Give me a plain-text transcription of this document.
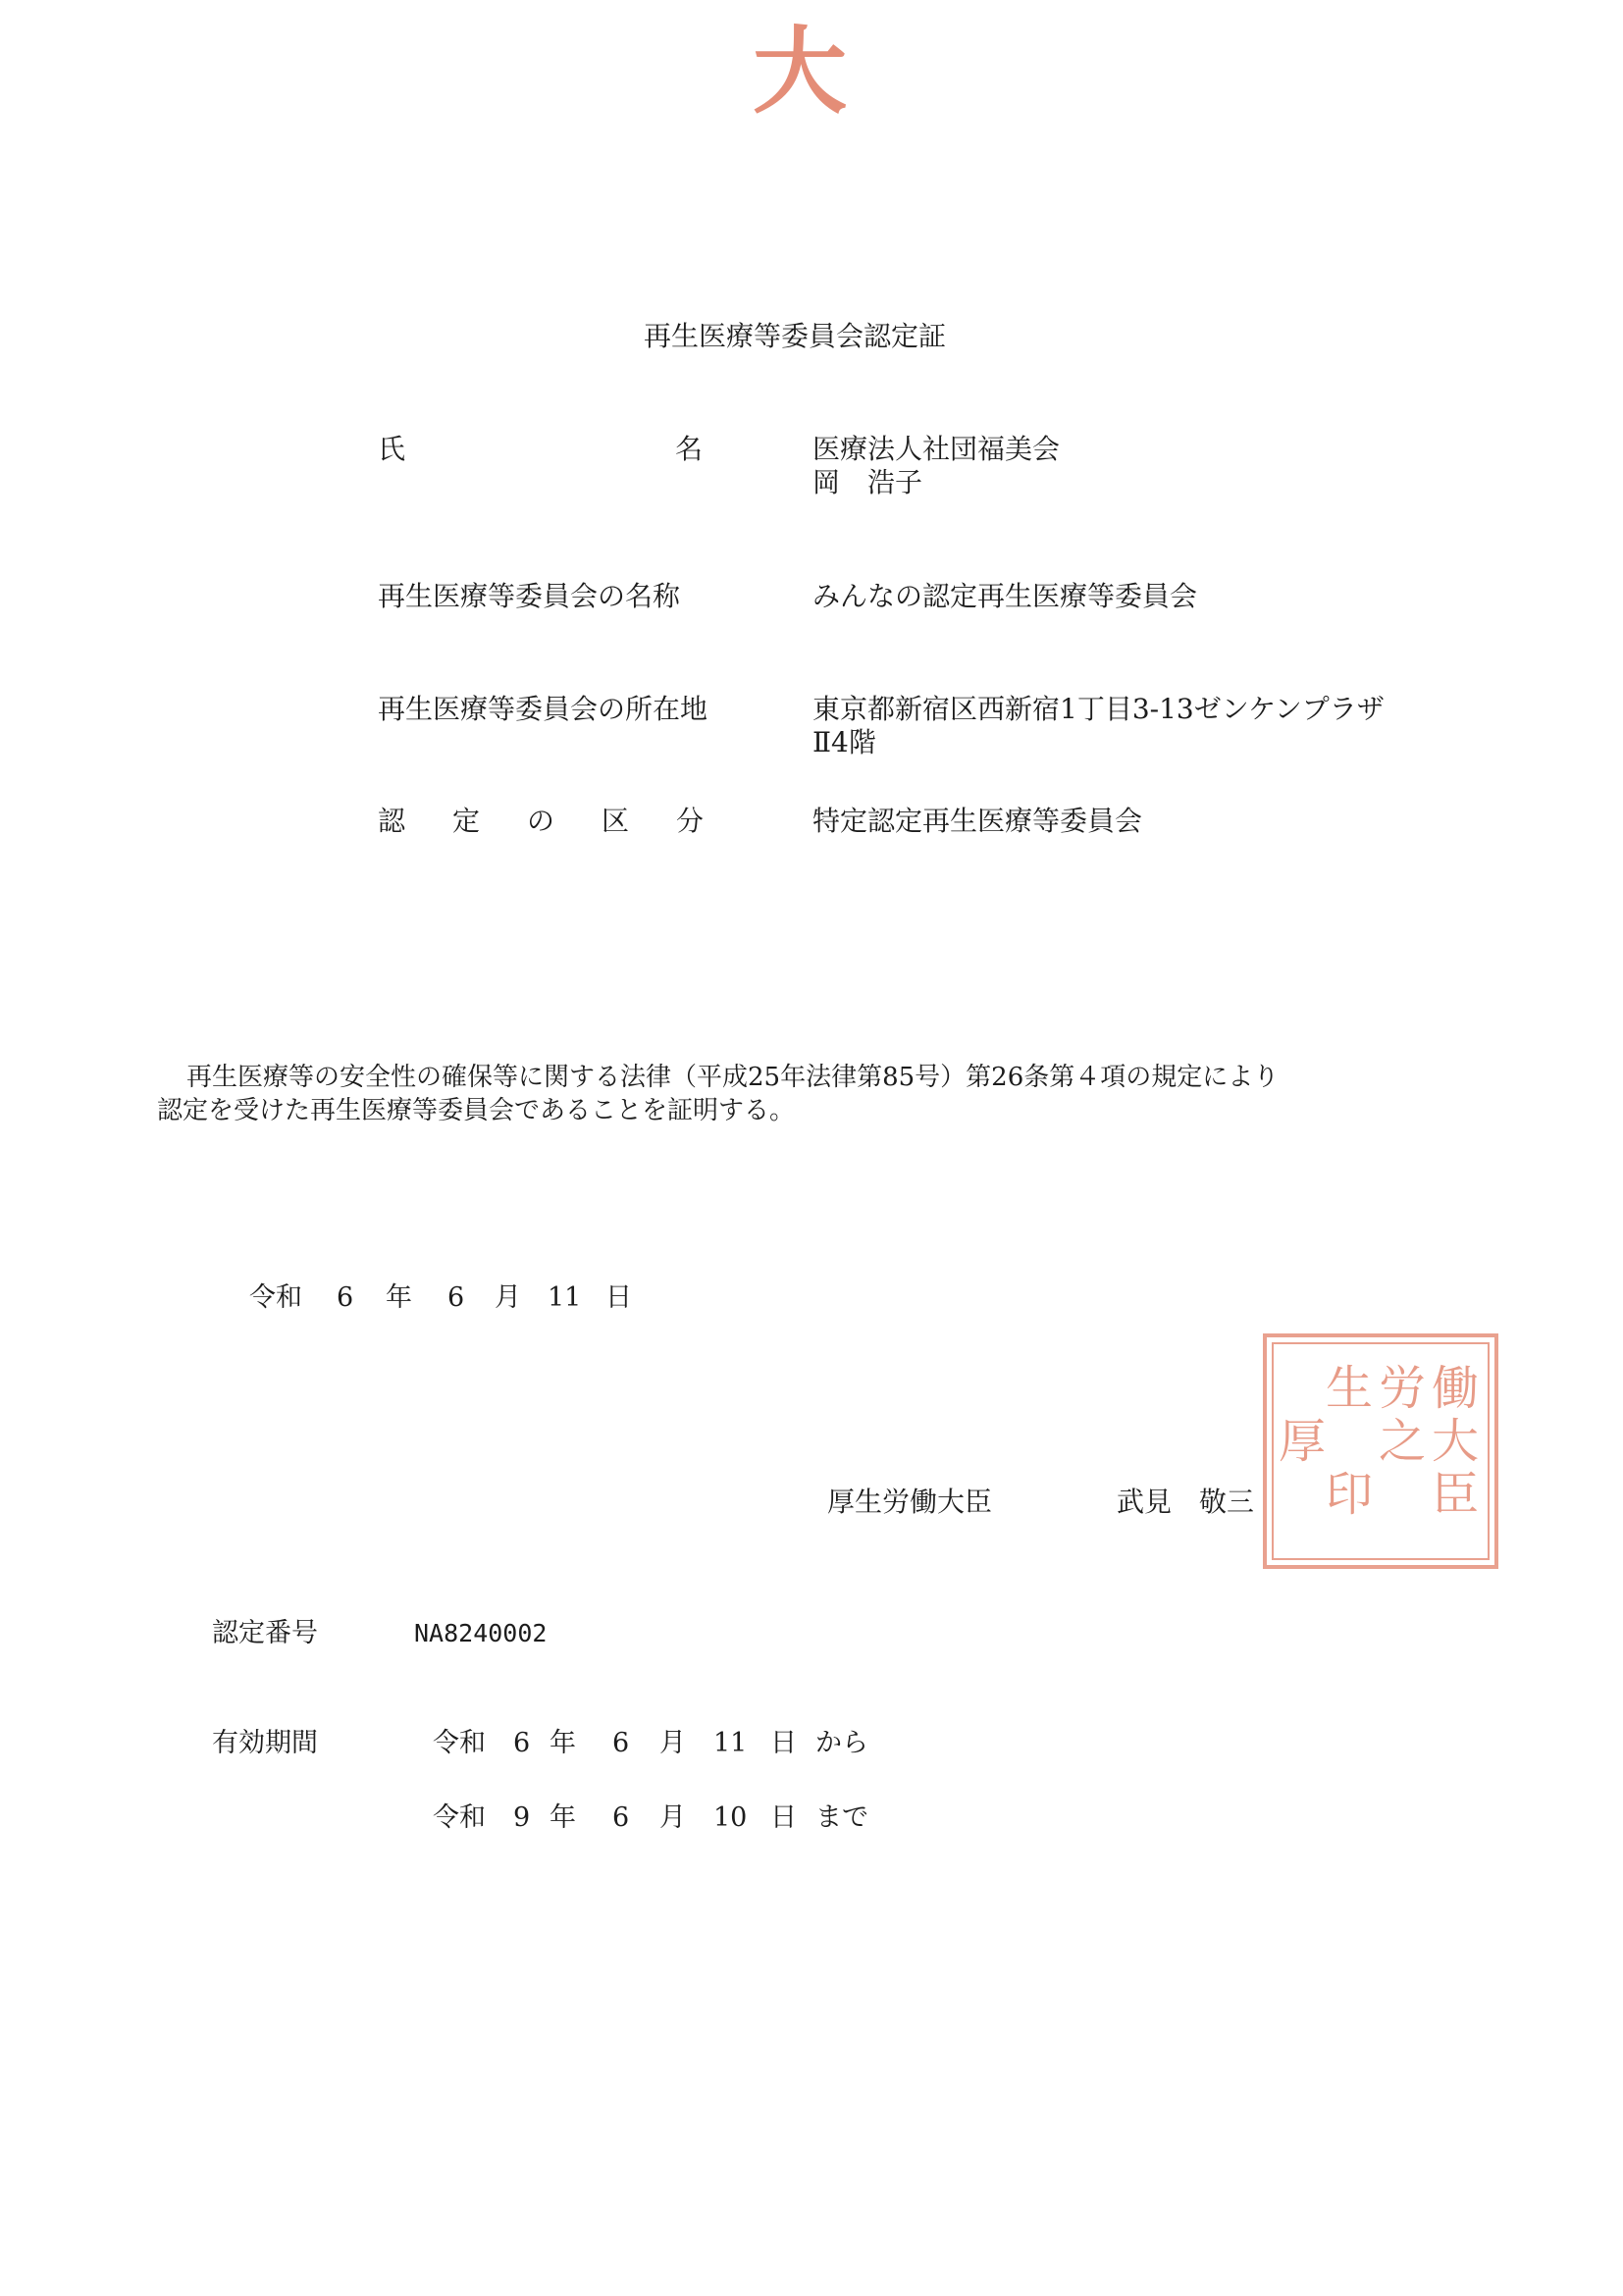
大
再生医療等委員会認定証
氏	名	医療法人社団福美会
岡　浩子
再生医療等委員会の名称	みんなの認定再生医療等委員会
再生医療等委員会の所在地	東京都新宿区西新宿1丁目3-13ゼンケンプラザ
Ⅱ4階
認 定 の 区 分	特定認定再生医療等委員会
再生医療等の安全性の確保等に関する法律（平成25年法律第85号）第26条第４項の規定により
認定を受けた再生医療等委員会であることを証明する。
令和 6 年 6 月 11 日
厚生労働大臣	武見　敬三
働
大
臣
労
之
生
印
厚
認定番号	NA8240002
有効期間	令和 6 年 6 月 11 日 から
令和 9 年 6 月 10 日 まで
